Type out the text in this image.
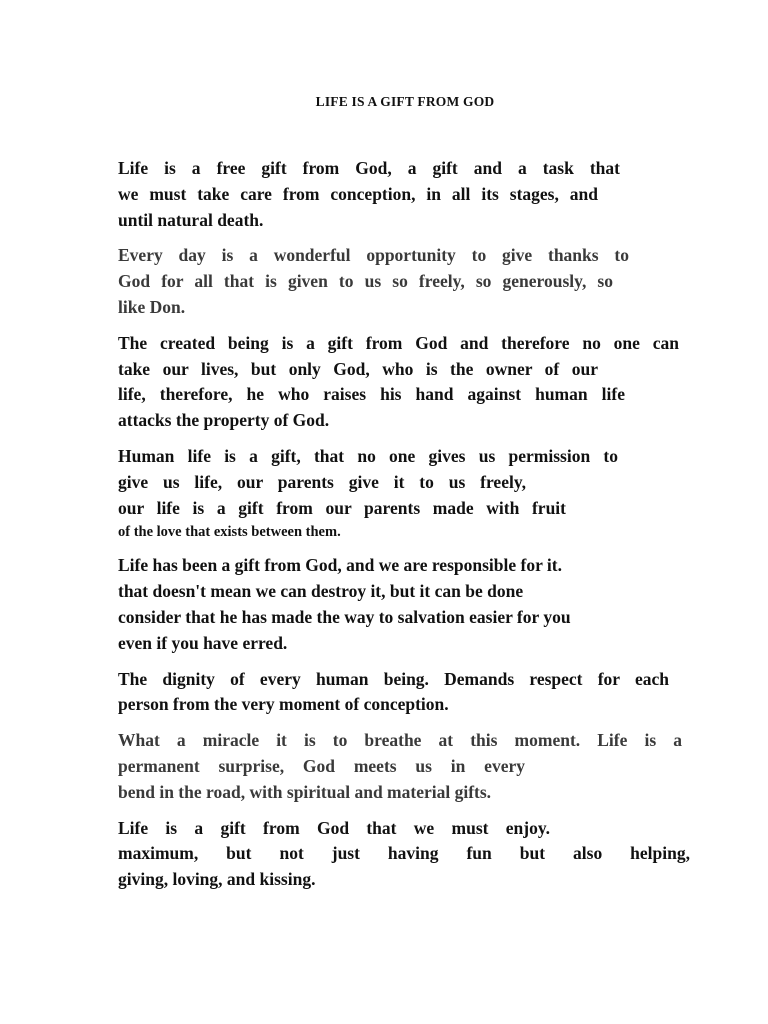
LIFE IS A GIFT FROM GOD
Life is a free gift from God, a gift and a task that
we must take care from conception, in all its stages, and
until natural death.
Every day is a wonderful opportunity to give thanks to
God for all that is given to us so freely, so generously, so
like Don.
The created being is a gift from God and therefore no one can
take our lives, but only God, who is the owner of our
life, therefore, he who raises his hand against human life
attacks the property of God.
Human life is a gift, that no one gives us permission to
give us life, our parents give it to us freely,
our life is a gift from our parents made with fruit
of the love that exists between them.
Life has been a gift from God, and we are responsible for it.
that doesn't mean we can destroy it, but it can be done
consider that he has made the way to salvation easier for you
even if you have erred.
The dignity of every human being. Demands respect for each
person from the very moment of conception.
What a miracle it is to breathe at this moment. Life is a
permanent surprise, God meets us in every
bend in the road, with spiritual and material gifts.
Life is a gift from God that we must enjoy.
maximum, but not just having fun but also helping,
giving, loving, and kissing.
